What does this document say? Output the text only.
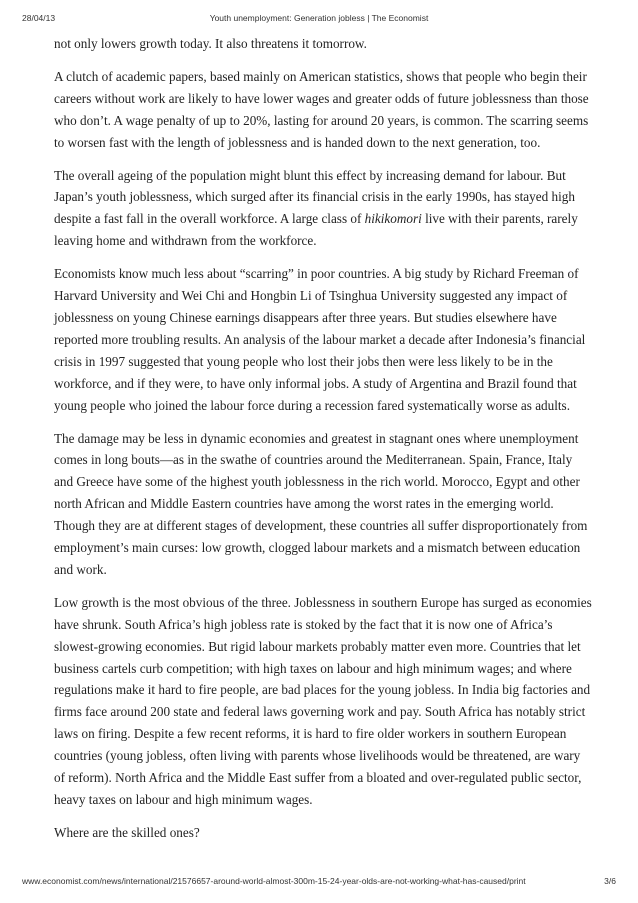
28/04/13	Youth unemployment: Generation jobless | The Economist

not only lowers growth today. It also threatens it tomorrow.

A clutch of academic papers, based mainly on American statistics, shows that people who begin their careers without work are likely to have lower wages and greater odds of future joblessness than those who don’t. A wage penalty of up to 20%, lasting for around 20 years, is common. The scarring seems to worsen fast with the length of joblessness and is handed down to the next generation, too.

The overall ageing of the population might blunt this effect by increasing demand for labour. But Japan’s youth joblessness, which surged after its financial crisis in the early 1990s, has stayed high despite a fast fall in the overall workforce. A large class of hikikomori live with their parents, rarely leaving home and withdrawn from the workforce.

Economists know much less about “scarring” in poor countries. A big study by Richard Freeman of Harvard University and Wei Chi and Hongbin Li of Tsinghua University suggested any impact of joblessness on young Chinese earnings disappears after three years. But studies elsewhere have reported more troubling results. An analysis of the labour market a decade after Indonesia’s financial crisis in 1997 suggested that young people who lost their jobs then were less likely to be in the workforce, and if they were, to have only informal jobs. A study of Argentina and Brazil found that young people who joined the labour force during a recession fared systematically worse as adults.

The damage may be less in dynamic economies and greatest in stagnant ones where unemployment comes in long bouts—as in the swathe of countries around the Mediterranean. Spain, France, Italy and Greece have some of the highest youth joblessness in the rich world. Morocco, Egypt and other north African and Middle Eastern countries have among the worst rates in the emerging world. Though they are at different stages of development, these countries all suffer disproportionately from employment’s main curses: low growth, clogged labour markets and a mismatch between education and work.

Low growth is the most obvious of the three. Joblessness in southern Europe has surged as economies have shrunk. South Africa’s high jobless rate is stoked by the fact that it is now one of Africa’s slowest-growing economies. But rigid labour markets probably matter even more. Countries that let business cartels curb competition; with high taxes on labour and high minimum wages; and where regulations make it hard to fire people, are bad places for the young jobless. In India big factories and firms face around 200 state and federal laws governing work and pay. South Africa has notably strict laws on firing. Despite a few recent reforms, it is hard to fire older workers in southern European countries (young jobless, often living with parents whose livelihoods would be threatened, are wary of reform). North Africa and the Middle East suffer from a bloated and over-regulated public sector, heavy taxes on labour and high minimum wages.

Where are the skilled ones?

www.economist.com/news/international/21576657-around-world-almost-300m-15-24-year-olds-are-not-working-what-has-caused/print	3/6
